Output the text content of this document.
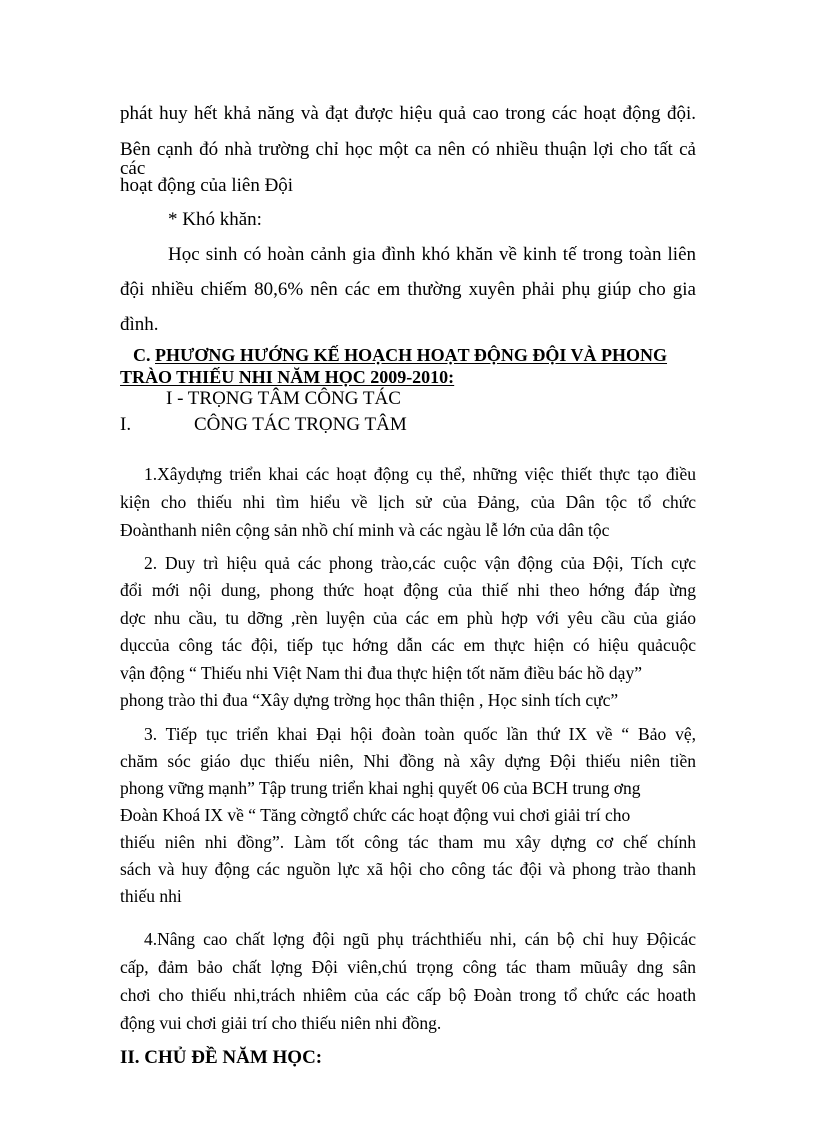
phát huy hết khả năng và đạt được hiệu quả cao trong các hoạt động đội.
Bên cạnh đó nhà trường chỉ học một ca nên có nhiều thuận lợi cho tất cả các
hoạt động của liên Đội
* Khó khăn:
Học sinh có hoàn cảnh gia đình khó khăn về kinh tế trong toàn liên
đội nhiều chiếm 80,6% nên các em thường xuyên phải phụ giúp cho gia
đình.
C. PHƯƠNG HƯỚNG KẾ HOẠCH HOẠT ĐỘNG ĐỘI VÀ PHONG
TRÀO THIẾU NHI NĂM HỌC 2009-2010:
I - TRỌNG TÂM CÔNG TÁC
I.	CÔNG TÁC TRỌNG TÂM
1.Xâydựng triển khai các hoạt động cụ thể, những việc thiết thực tạo điều
kiện cho thiếu nhi tìm hiểu về lịch sử của Đảng, của Dân tộc tổ chức
Đoànthanh niên cộng sản nhồ chí minh và các ngàu lễ lớn của dân tộc
2. Duy trì hiệu quả các phong trào,các cuộc vận động của Đội, Tích cực
đổi mới nội dung, phong thức hoạt động của thiế nhi theo hớng đáp ừng
dợc nhu cầu, tu dỡng ,rèn luyện của các em phù hợp với yêu cầu của giáo
dụccủa công tác đội, tiếp tục hớng dẫn các em thực hiện có hiệu quảcuộc
vận động “ Thiếu nhi Việt Nam thi đua thực hiện tốt năm điều bác hồ dạy”
phong trào thi đua “Xây dựng trờng học thân thiện , Học sinh tích cực”
3. Tiếp tục triển khai Đại hội đoàn toàn quốc lần thứ IX về “ Bảo vệ,
chăm sóc giáo dục thiếu niên, Nhi đồng nà xây dựng Đội thiếu niên tiền
phong vững mạnh” Tập trung triển khai nghị quyết 06 của BCH trung ơng
Đoàn Khoá IX về “ Tăng cờngtổ chức các hoạt động vui chơi giải trí cho
thiếu niên nhi đồng”. Làm tốt công tác tham mu xây dựng cơ chế chính
sách và huy động các nguồn lực xã hội cho công tác đội và phong trào thanh
thiếu nhi
4.Nâng cao chất lợng đội ngũ phụ tráchthiếu nhi, cán bộ chỉ huy Độicác
cấp, đảm bảo chất lợng Đội viên,chú trọng công tác tham mũuây dng sân
chơi cho thiếu nhi,trách nhiêm của các cấp bộ Đoàn trong tổ chức các hoath
động vui chơi giải trí cho thiếu niên nhi đồng.
II. CHỦ ĐỀ NĂM HỌC:
